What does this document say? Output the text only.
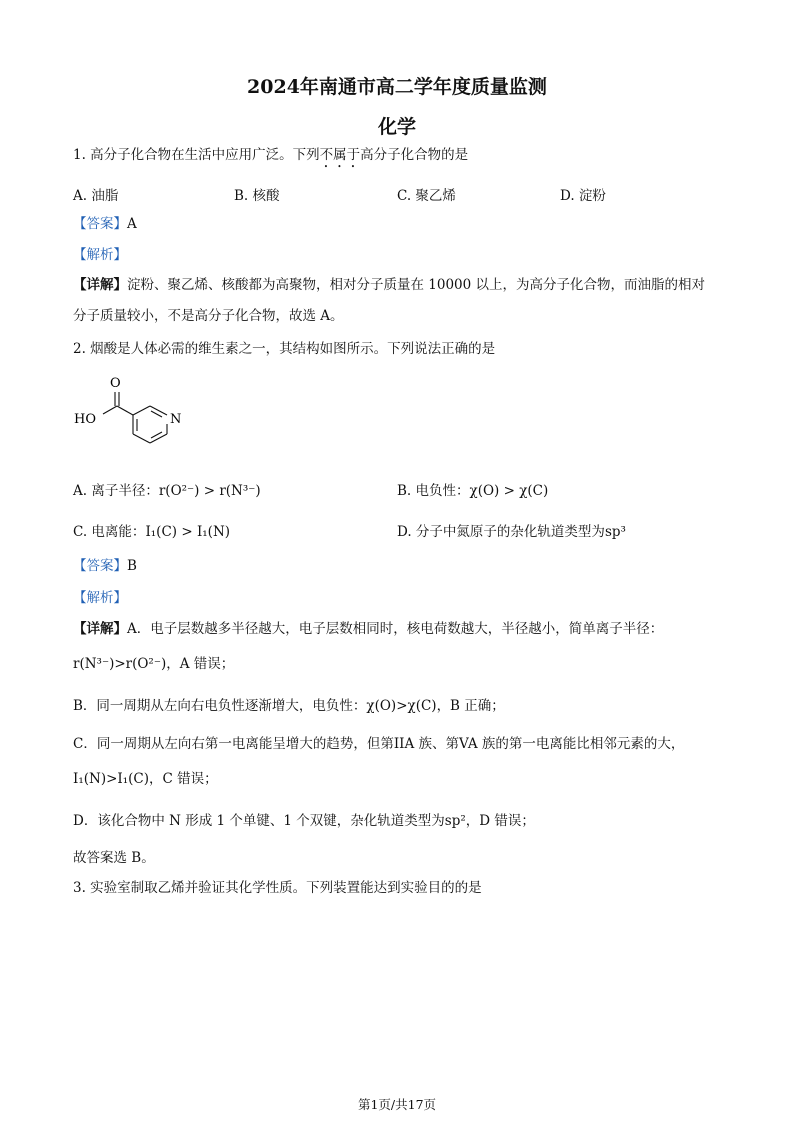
2024年南通市高二学年度质量监测
化学
1. 高分子化合物在生活中应用广泛。下列不属于高分子化合物的是
A. 油脂	B. 核酸	C. 聚乙烯	D. 淀粉
【答案】A
【解析】
【详解】淀粉、聚乙烯、核酸都为高聚物，相对分子质量在 10000 以上，为高分子化合物，而油脂的相对
分子质量较小，不是高分子化合物，故选 A。
2. 烟酸是人体必需的维生素之一，其结构如图所示。下列说法正确的是
O
HO	N
A. 离子半径：r(O²⁻) > r(N³⁻)	B. 电负性：χ(O) > χ(C)
C. 电离能：I₁(C) > I₁(N)	D. 分子中氮原子的杂化轨道类型为sp³
【答案】B
【解析】
【详解】A．电子层数越多半径越大，电子层数相同时，核电荷数越大，半径越小，简单离子半径：
r(N³⁻)>r(O²⁻)，A 错误；
B．同一周期从左向右电负性逐渐增大，电负性：χ(O)>χ(C)，B 正确；
C．同一周期从左向右第一电离能呈增大的趋势，但第IIA 族、第VA 族的第一电离能比相邻元素的大，
I₁(N)>I₁(C)，C 错误；
D．该化合物中 N 形成 1 个单键、1 个双键，杂化轨道类型为sp²，D 错误；
故答案选 B。
3. 实验室制取乙烯并验证其化学性质。下列装置能达到实验目的的是
第1页/共17页
